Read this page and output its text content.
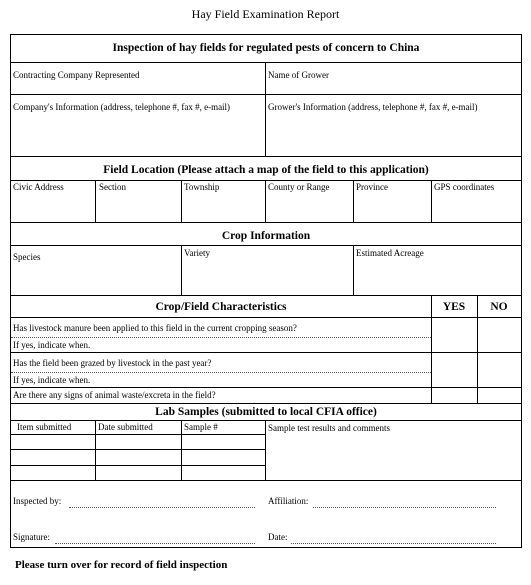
Hay Field Examination Report
Inspection of hay fields for regulated pests of concern to China
Contracting Company Represented	Name of Grower
Company's Information (address, telephone #, fax #, e-mail)	Grower's Information (address, telephone #, fax #, e-mail)
Field Location (Please attach a map of the field to this application)
Civic Address	Section	Township	County or Range	Province	GPS coordinates
Crop Information
Species	Variety	Estimated Acreage
Crop/Field Characteristics	YES	NO
Has livestock manure been applied to this field in the current cropping season?
If yes, indicate when.
Has the field been grazed by livestock in the past year?
If yes, indicate when.
Are there any signs of animal waste/excreta in the field?
Lab Samples (submitted to local CFIA office)
Item submitted	Date submitted	Sample #	Sample test results and comments
Inspected by:	Affiliation:
Signature:	Date:
Please turn over for record of field inspection
